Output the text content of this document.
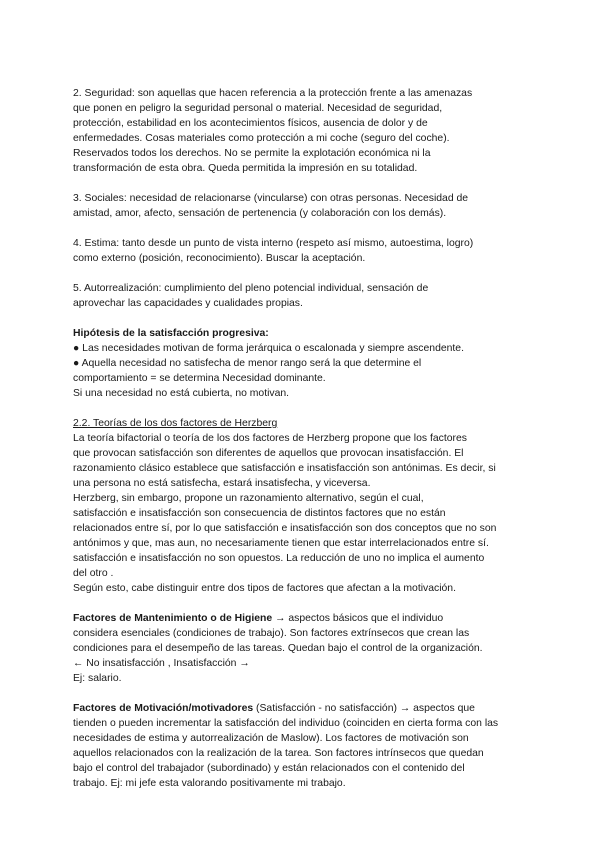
2. Seguridad: son aquellas que hacen referencia a la protección frente a las amenazas
que ponen en peligro la seguridad personal o material. Necesidad de seguridad,
protección, estabilidad en los acontecimientos físicos, ausencia de dolor y de
enfermedades. Cosas materiales como protección a mi coche (seguro del coche).
Reservados todos los derechos. No se permite la explotación económica ni la
transformación de esta obra. Queda permitida la impresión en su totalidad.
3. Sociales: necesidad de relacionarse (vincularse) con otras personas. Necesidad de
amistad, amor, afecto, sensación de pertenencia (y colaboración con los demás).
4. Estima: tanto desde un punto de vista interno (respeto así mismo, autoestima, logro)
como externo (posición, reconocimiento). Buscar la aceptación.
5. Autorrealización: cumplimiento del pleno potencial individual, sensación de
aprovechar las capacidades y cualidades propias.
Hipótesis de la satisfacción progresiva:
● Las necesidades motivan de forma jerárquica o escalonada y siempre ascendente.
● Aquella necesidad no satisfecha de menor rango será la que determine el
comportamiento = se determina Necesidad dominante.
Si una necesidad no está cubierta, no motivan.
2.2. Teorías de los dos factores de Herzberg
La teoría bifactorial o teoría de los dos factores de Herzberg propone que los factores
que provocan satisfacción son diferentes de aquellos que provocan insatisfacción. El
razonamiento clásico establece que satisfacción e insatisfacción son antónimas. Es decir, si
una persona no está satisfecha, estará insatisfecha, y viceversa.
Herzberg, sin embargo, propone un razonamiento alternativo, según el cual,
satisfacción e insatisfacción son consecuencia de distintos factores que no están
relacionados entre sí, por lo que satisfacción e insatisfacción son dos conceptos que no son
antónimos y que, mas aun, no necesariamente tienen que estar interrelacionados entre sí.
satisfacción e insatisfacción no son opuestos. La reducción de uno no implica el aumento
del otro .
Según esto, cabe distinguir entre dos tipos de factores que afectan a la motivación.
Factores de Mantenimiento o de Higiene → aspectos básicos que el individuo
considera esenciales (condiciones de trabajo). Son factores extrínsecos que crean las
condiciones para el desempeño de las tareas. Quedan bajo el control de la organización.
← No insatisfacción , Insatisfacción →
Ej: salario.
Factores de Motivación/motivadores (Satisfacción - no satisfacción) → aspectos que
tienden o pueden incrementar la satisfacción del individuo (coinciden en cierta forma con las
necesidades de estima y autorrealización de Maslow). Los factores de motivación son
aquellos relacionados con la realización de la tarea. Son factores intrínsecos que quedan
bajo el control del trabajador (subordinado) y están relacionados con el contenido del
trabajo. Ej: mi jefe esta valorando positivamente mi trabajo.
